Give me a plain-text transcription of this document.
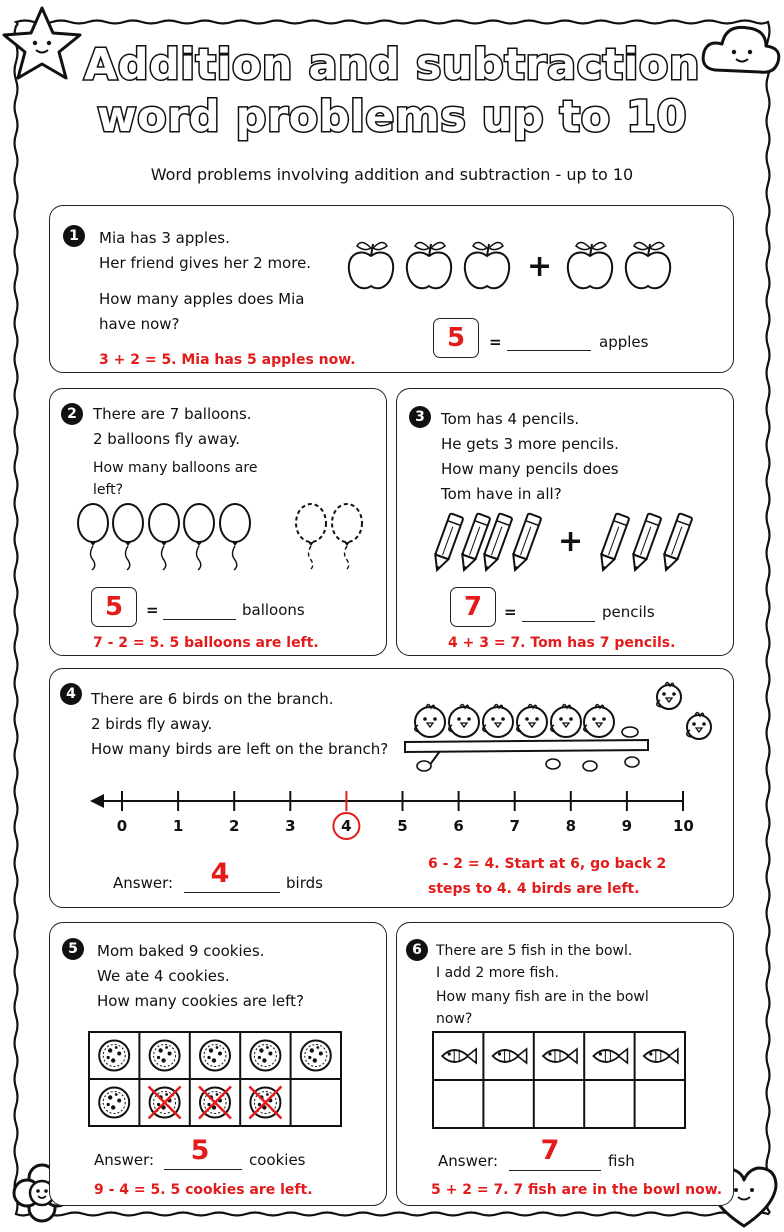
Addition and subtraction
word problems up to 10
Word problems involving addition and subtraction - up to 10
1	Mia has 3 apples.
Her friend gives her 2 more.
How many apples does Mia
have now?
3 + 2 = 5. Mia has 5 apples now.
5	=	apples
+
2	There are 7 balloons.
2 balloons fly away.
How many balloons are
left?
5	=	balloons
7 - 2 = 5. 5 balloons are left.
3	Tom has 4 pencils.
He gets 3 more pencils.
How many pencils does
Tom have in all?
+
7	=	pencils
4 + 3 = 7. Tom has 7 pencils.
4	There are 6 birds on the branch.
2 birds fly away.
How many birds are left on the branch?
0	1	2	3	4	5	6	7	8	9	10
Answer:	4	birds
6 - 2 = 4. Start at 6, go back 2
steps to 4. 4 birds are left.
5	Mom baked 9 cookies.
We ate 4 cookies.
How many cookies are left?
Answer:	5	cookies
9 - 4 = 5. 5 cookies are left.
6	There are 5 fish in the bowl.
I add 2 more fish.
How many fish are in the bowl
now?
Answer:	7	fish
5 + 2 = 7. 7 fish are in the bowl now.
